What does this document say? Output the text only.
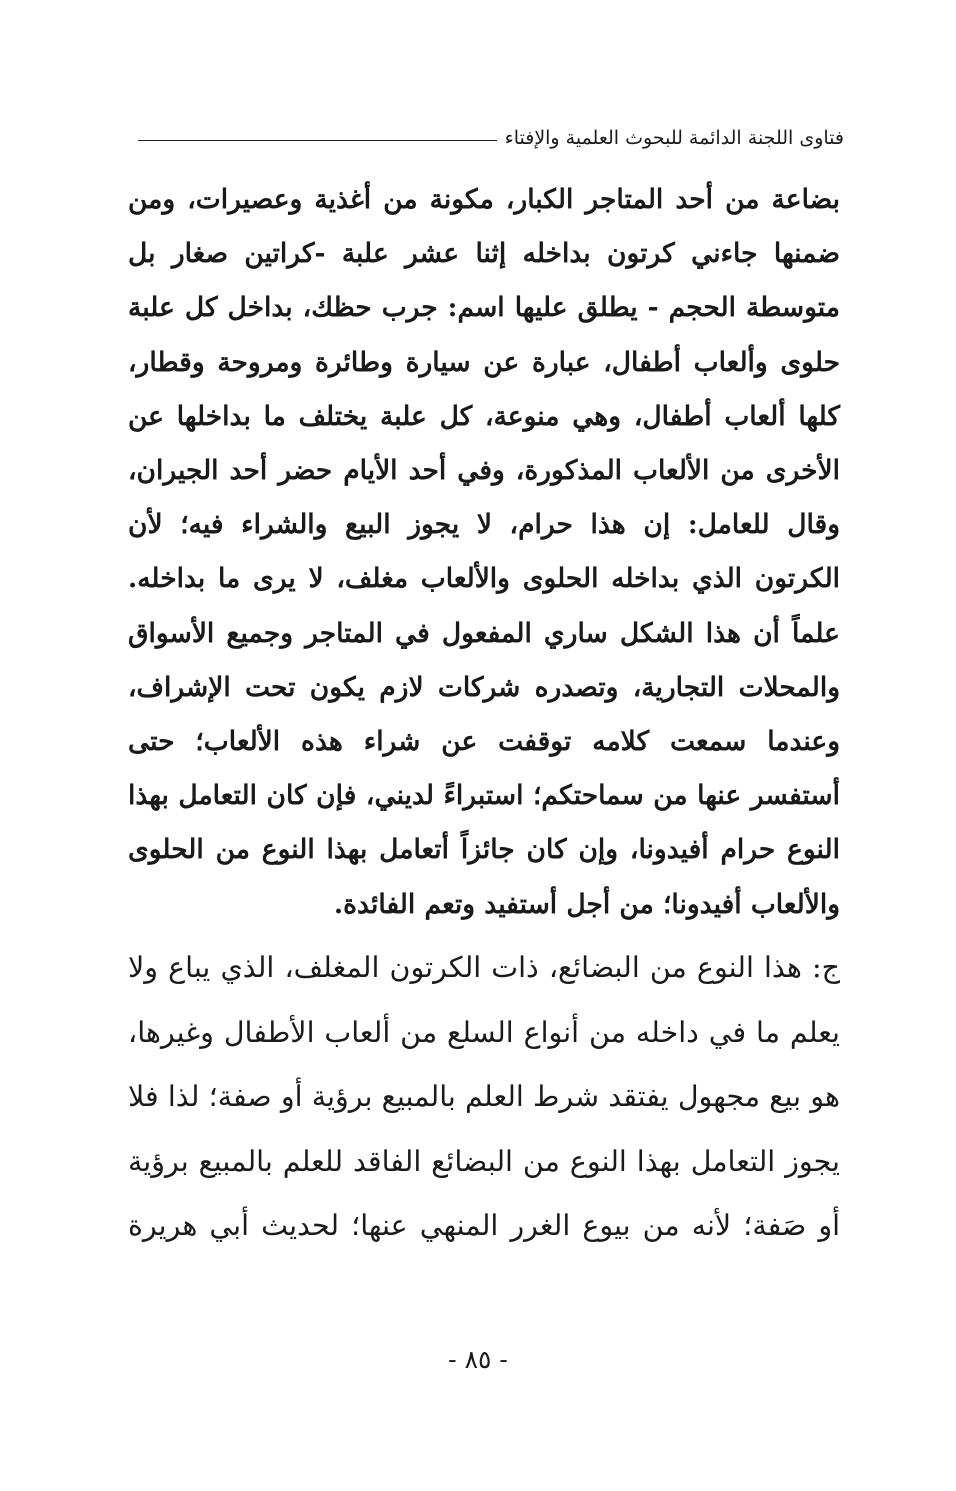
فتاوى اللجنة الدائمة للبحوث العلمية والإفتاء
بضاعة من أحد المتاجر الكبار، مكونة من أغذية وعصيرات، ومن ضمنها جاءني كرتون بداخله إثنا عشر علبة -كراتين صغار بل متوسطة الحجم - يطلق عليها اسم: جرب حظك، بداخل كل علبة حلوى وألعاب أطفال، عبارة عن سيارة وطائرة ومروحة وقطار، كلها ألعاب أطفال، وهي منوعة، كل علبة يختلف ما بداخلها عن الأخرى من الألعاب المذكورة، وفي أحد الأيام حضر أحد الجيران، وقال للعامل: إن هذا حرام، لا يجوز البيع والشراء فيه؛ لأن الكرتون الذي بداخله الحلوى والألعاب مغلف، لا يرى ما بداخله. علماً أن هذا الشكل ساري المفعول في المتاجر وجميع الأسواق والمحلات التجارية، وتصدره شركات لازم يكون تحت الإشراف، وعندما سمعت كلامه توقفت عن شراء هذه الألعاب؛ حتى أستفسر عنها من سماحتكم؛ استبراءً لديني، فإن كان التعامل بهذا النوع حرام أفيدونا، وإن كان جائزاً أتعامل بهذا النوع من الحلوى والألعاب أفيدونا؛ من أجل أستفيد وتعم الفائدة.
ج: هذا النوع من البضائع، ذات الكرتون المغلف، الذي يباع ولا يعلم ما في داخله من أنواع السلع من ألعاب الأطفال وغيرها، هو بيع مجهول يفتقد شرط العلم بالمبيع برؤية أو صفة؛ لذا فلا يجوز التعامل بهذا النوع من البضائع الفاقد للعلم بالمبيع برؤية أو صَفة؛ لأنه من بيوع الغرر المنهي عنها؛ لحديث أبي هريرة
- ٨٥ -
